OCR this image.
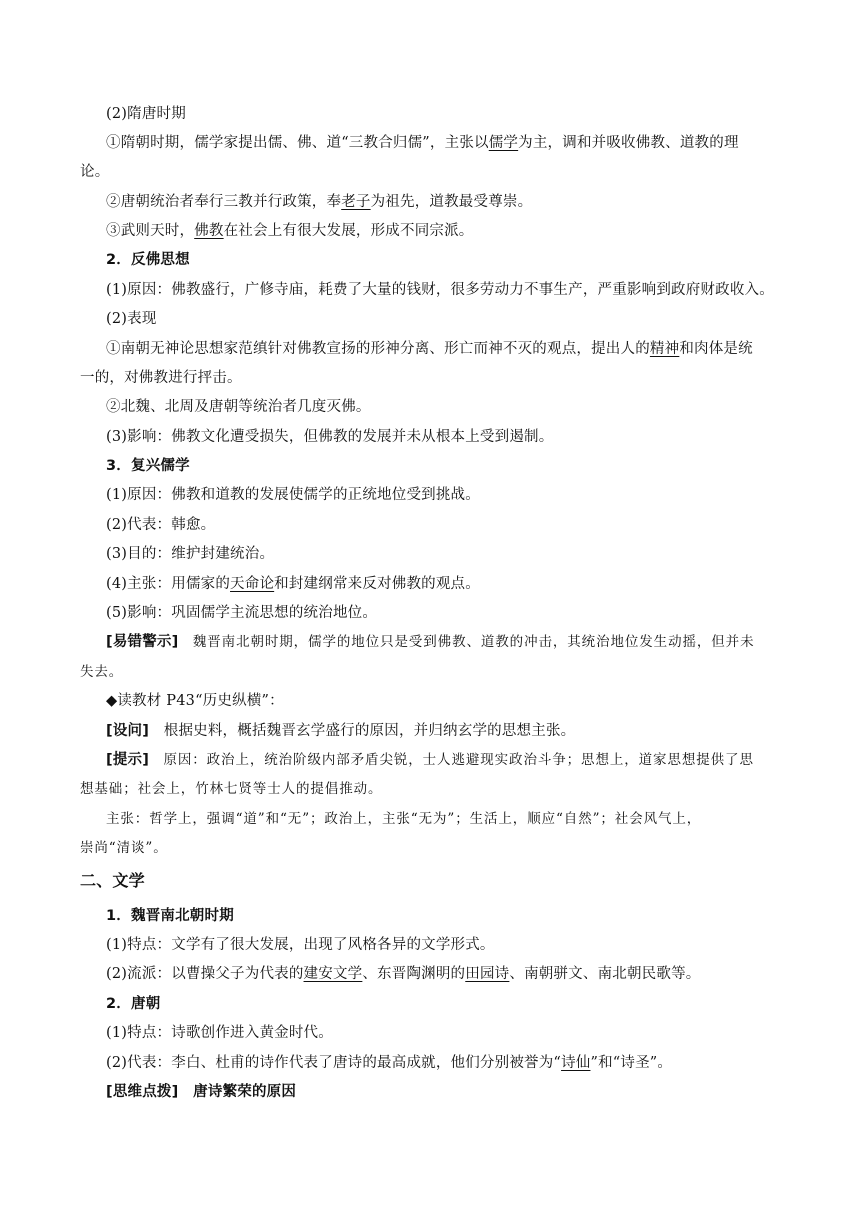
(2)隋唐时期
①隋朝时期，儒学家提出儒、佛、道“三教合归儒”，主张以儒学为主，调和并吸收佛教、道教的理
论。
②唐朝统治者奉行三教并行政策，奉老子为祖先，道教最受尊崇。
③武则天时，佛教在社会上有很大发展，形成不同宗派。
2．反佛思想
(1)原因：佛教盛行，广修寺庙，耗费了大量的钱财，很多劳动力不事生产，严重影响到政府财政收入。
(2)表现
①南朝无神论思想家范缜针对佛教宣扬的形神分离、形亡而神不灭的观点，提出人的精神和肉体是统
一的，对佛教进行抨击。
②北魏、北周及唐朝等统治者几度灭佛。
(3)影响：佛教文化遭受损失，但佛教的发展并未从根本上受到遏制。
3．复兴儒学
(1)原因：佛教和道教的发展使儒学的正统地位受到挑战。
(2)代表：韩愈。
(3)目的：维护封建统治。
(4)主张：用儒家的天命论和封建纲常来反对佛教的观点。
(5)影响：巩固儒学主流思想的统治地位。
[易错警示]　魏晋南北朝时期，儒学的地位只是受到佛教、道教的冲击，其统治地位发生动摇，但并未
失去。
◆读教材 P43“历史纵横”：
[设问]　根据史料，概括魏晋玄学盛行的原因，并归纳玄学的思想主张。
[提示]　原因：政治上，统治阶级内部矛盾尖锐，士人逃避现实政治斗争；思想上，道家思想提供了思
想基础；社会上，竹林七贤等士人的提倡推动。
主张：哲学上，强调“道”和“无”；政治上，主张“无为”；生活上，顺应“自然”；社会风气上，
崇尚“清谈”。
二、文学
1．魏晋南北朝时期
(1)特点：文学有了很大发展，出现了风格各异的文学形式。
(2)流派：以曹操父子为代表的建安文学、东晋陶渊明的田园诗、南朝骈文、南北朝民歌等。
2．唐朝
(1)特点：诗歌创作进入黄金时代。
(2)代表：李白、杜甫的诗作代表了唐诗的最高成就，他们分别被誉为“诗仙”和“诗圣”。
[思维点拨]　唐诗繁荣的原因
